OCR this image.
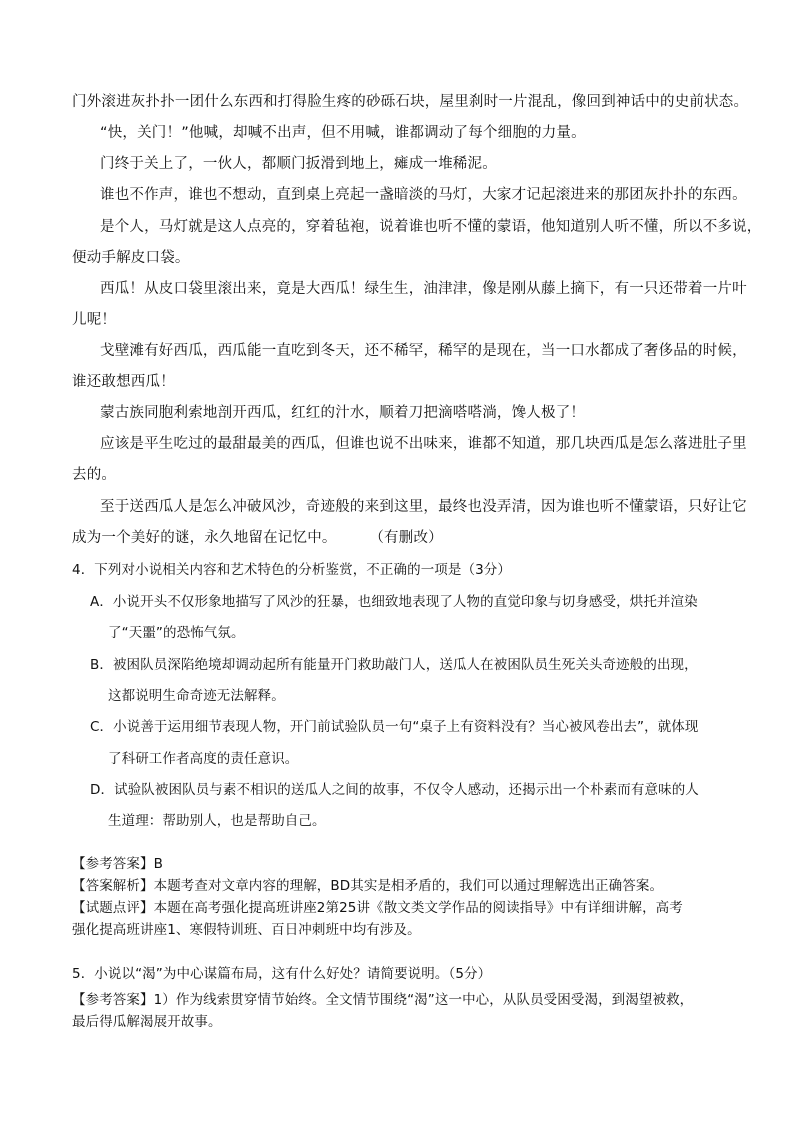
门外滚进灰扑扑一团什么东西和打得脸生疼的砂砾石块，屋里刹时一片混乱，像回到神话中的史前状态。
“快，关门！”他喊，却喊不出声，但不用喊，谁都调动了每个细胞的力量。
门终于关上了，一伙人，都顺门扳滑到地上，瘫成一堆稀泥。
谁也不作声，谁也不想动，直到桌上亮起一盏暗淡的马灯，大家才记起滚进来的那团灰扑扑的东西。
是个人，马灯就是这人点亮的，穿着毡袍，说着谁也听不懂的蒙语，他知道别人听不懂，所以不多说，
便动手解皮口袋。
西瓜！从皮口袋里滚出来，竟是大西瓜！绿生生，油津津，像是刚从藤上摘下，有一只还带着一片叶
儿呢！
戈壁滩有好西瓜，西瓜能一直吃到冬天，还不稀罕，稀罕的是现在，当一口水都成了奢侈品的时候，
谁还敢想西瓜！
蒙古族同胞利索地剖开西瓜，红红的汁水，顺着刀把滴嗒嗒淌，馋人极了！
应该是平生吃过的最甜最美的西瓜，但谁也说不出味来，谁都不知道，那几块西瓜是怎么落进肚子里
去的。
至于送西瓜人是怎么冲破风沙，奇迹般的来到这里，最终也没弄清，因为谁也听不懂蒙语，只好让它
成为一个美好的谜，永久地留在记忆中。	（有删改）
4．下列对小说相关内容和艺术特色的分析鉴赏，不正确的一项是（3分）
A．小说开头不仅形象地描写了风沙的狂暴，也细致地表现了人物的直觉印象与切身感受，烘托并渲染
了“天噩”的恐怖气氛。
B．被困队员深陷绝境却调动起所有能量开门救助敲门人，送瓜人在被困队员生死关头奇迹般的出现，
这都说明生命奇迹无法解释。
C．小说善于运用细节表现人物，开门前试验队员一句“桌子上有资料没有？当心被风卷出去”，就体现
了科研工作者高度的责任意识。
D．试验队被困队员与素不相识的送瓜人之间的故事，不仅令人感动，还揭示出一个朴素而有意味的人
生道理：帮助别人，也是帮助自己。
【参考答案】B
【答案解析】本题考查对文章内容的理解，BD其实是相矛盾的，我们可以通过理解选出正确答案。
【试题点评】本题在高考强化提高班讲座2第25讲《散文类文学作品的阅读指导》中有详细讲解，高考
强化提高班讲座1、寒假特训班、百日冲刺班中均有涉及。
5．小说以“渴”为中心谋篇布局，这有什么好处？请简要说明。（5分）
【参考答案】1）作为线索贯穿情节始终。全文情节围绕“渴”这一中心，从队员受困受渴，到渴望被救，
最后得瓜解渴展开故事。
